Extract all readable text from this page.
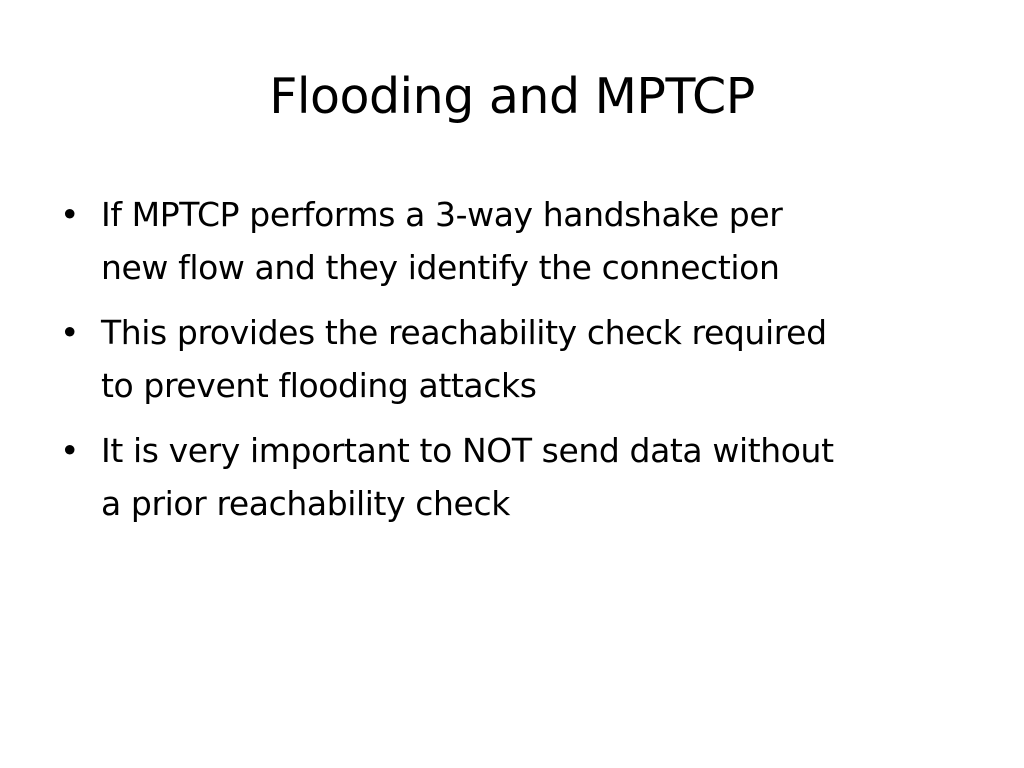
Flooding and MPTCP
• If MPTCP performs a 3-way handshake per
new flow and they identify the connection
• This provides the reachability check required
to prevent flooding attacks
• It is very important to NOT send data without
a prior reachability check
